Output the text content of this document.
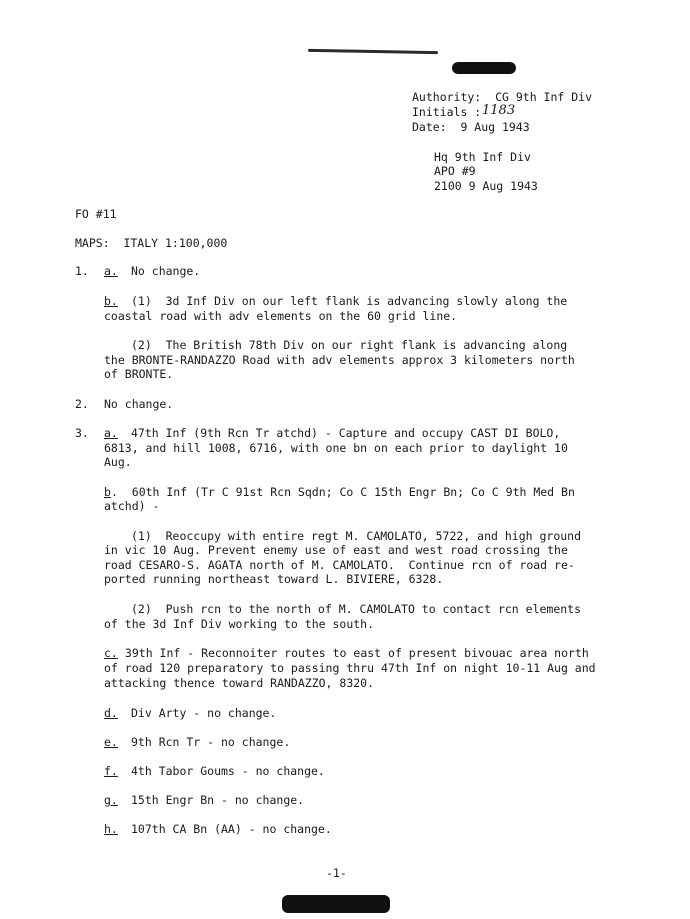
Authority:  CG 9th Inf Div
Initials : 1183
Date:  9 Aug 1943
Hq 9th Inf Div
APO #9
2100 9 Aug 1943
FO #11
MAPS:  ITALY 1:100,000
1. a. No change.
b. (1)  3d Inf Div on our left flank is advancing slowly along the
coastal road with adv elements on the 60 grid line.
(2)  The British 78th Div on our right flank is advancing along
the BRONTE-RANDAZZO Road with adv elements approx 3 kilometers north
of BRONTE.
2. No change.
3. a. 47th Inf (9th Rcn Tr atchd) - Capture and occupy CAST DI BOLO,
6813, and hill 1008, 6716, with one bn on each prior to daylight 10
Aug.
b .  60th Inf (Tr C 91st Rcn Sqdn; Co C 15th Engr Bn; Co C 9th Med Bn
atchd) -
(1)  Reoccupy with entire regt M. CAMOLATO, 5722, and high ground
in vic 10 Aug. Prevent enemy use of east and west road crossing the
road CESARO-S. AGATA north of M. CAMOLATO.  Continue rcn of road re-
ported running northeast toward L. BIVIERE, 6328.
(2)  Push rcn to the north of M. CAMOLATO to contact rcn elements
of the 3d Inf Div working to the south.
c. 39th Inf - Reconnoiter routes to east of present bivouac area north
of road 120 preparatory to passing thru 47th Inf on night 10-11 Aug and
attacking thence toward RANDAZZO, 8320.
d. Div Arty - no change.
e. 9th Rcn Tr - no change.
f. 4th Tabor Goums - no change.
g. 15th Engr Bn - no change.
h. 107th CA Bn (AA) - no change.
-1-
